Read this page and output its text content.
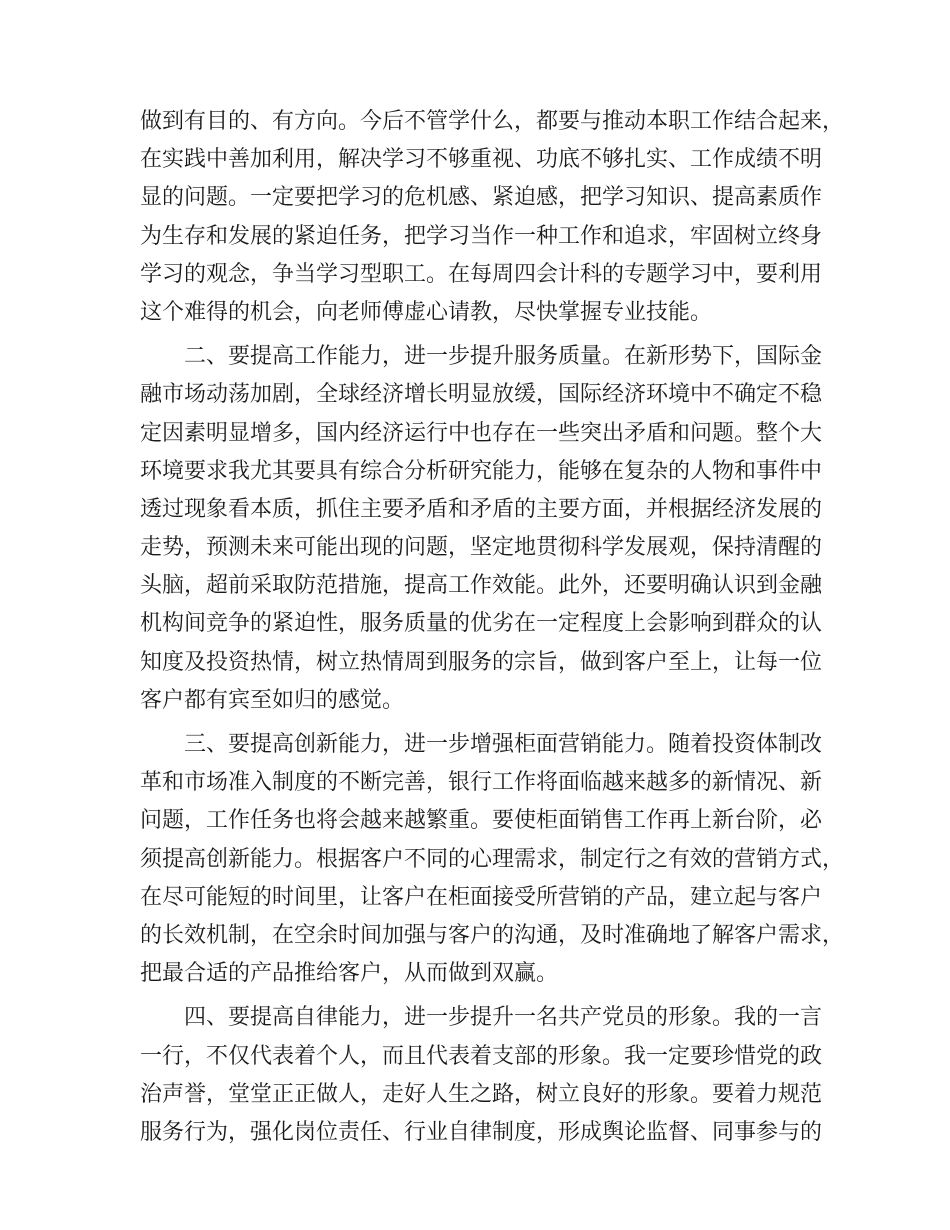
做到有目的、有方向。今后不管学什么，都要与推动本职工作结合起来，
在实践中善加利用，解决学习不够重视、功底不够扎实、工作成绩不明
显的问题。一定要把学习的危机感、紧迫感，把学习知识、提高素质作
为生存和发展的紧迫任务，把学习当作一种工作和追求，牢固树立终身
学习的观念，争当学习型职工。在每周四会计科的专题学习中，要利用
这个难得的机会，向老师傅虚心请教，尽快掌握专业技能。
二、要提高工作能力，进一步提升服务质量。在新形势下，国际金
融市场动荡加剧，全球经济增长明显放缓，国际经济环境中不确定不稳
定因素明显增多，国内经济运行中也存在一些突出矛盾和问题。整个大
环境要求我尤其要具有综合分析研究能力，能够在复杂的人物和事件中
透过现象看本质，抓住主要矛盾和矛盾的主要方面，并根据经济发展的
走势，预测未来可能出现的问题，坚定地贯彻科学发展观，保持清醒的
头脑，超前采取防范措施，提高工作效能。此外，还要明确认识到金融
机构间竞争的紧迫性，服务质量的优劣在一定程度上会影响到群众的认
知度及投资热情，树立热情周到服务的宗旨，做到客户至上，让每一位
客户都有宾至如归的感觉。
三、要提高创新能力，进一步增强柜面营销能力。随着投资体制改
革和市场准入制度的不断完善，银行工作将面临越来越多的新情况、新
问题，工作任务也将会越来越繁重。要使柜面销售工作再上新台阶，必
须提高创新能力。根据客户不同的心理需求，制定行之有效的营销方式，
在尽可能短的时间里，让客户在柜面接受所营销的产品，建立起与客户
的长效机制，在空余时间加强与客户的沟通，及时准确地了解客户需求，
把最合适的产品推给客户，从而做到双赢。
四、要提高自律能力，进一步提升一名共产党员的形象。我的一言
一行，不仅代表着个人，而且代表着支部的形象。我一定要珍惜党的政
治声誉，堂堂正正做人，走好人生之路，树立良好的形象。要着力规范
服务行为，强化岗位责任、行业自律制度，形成舆论监督、同事参与的
